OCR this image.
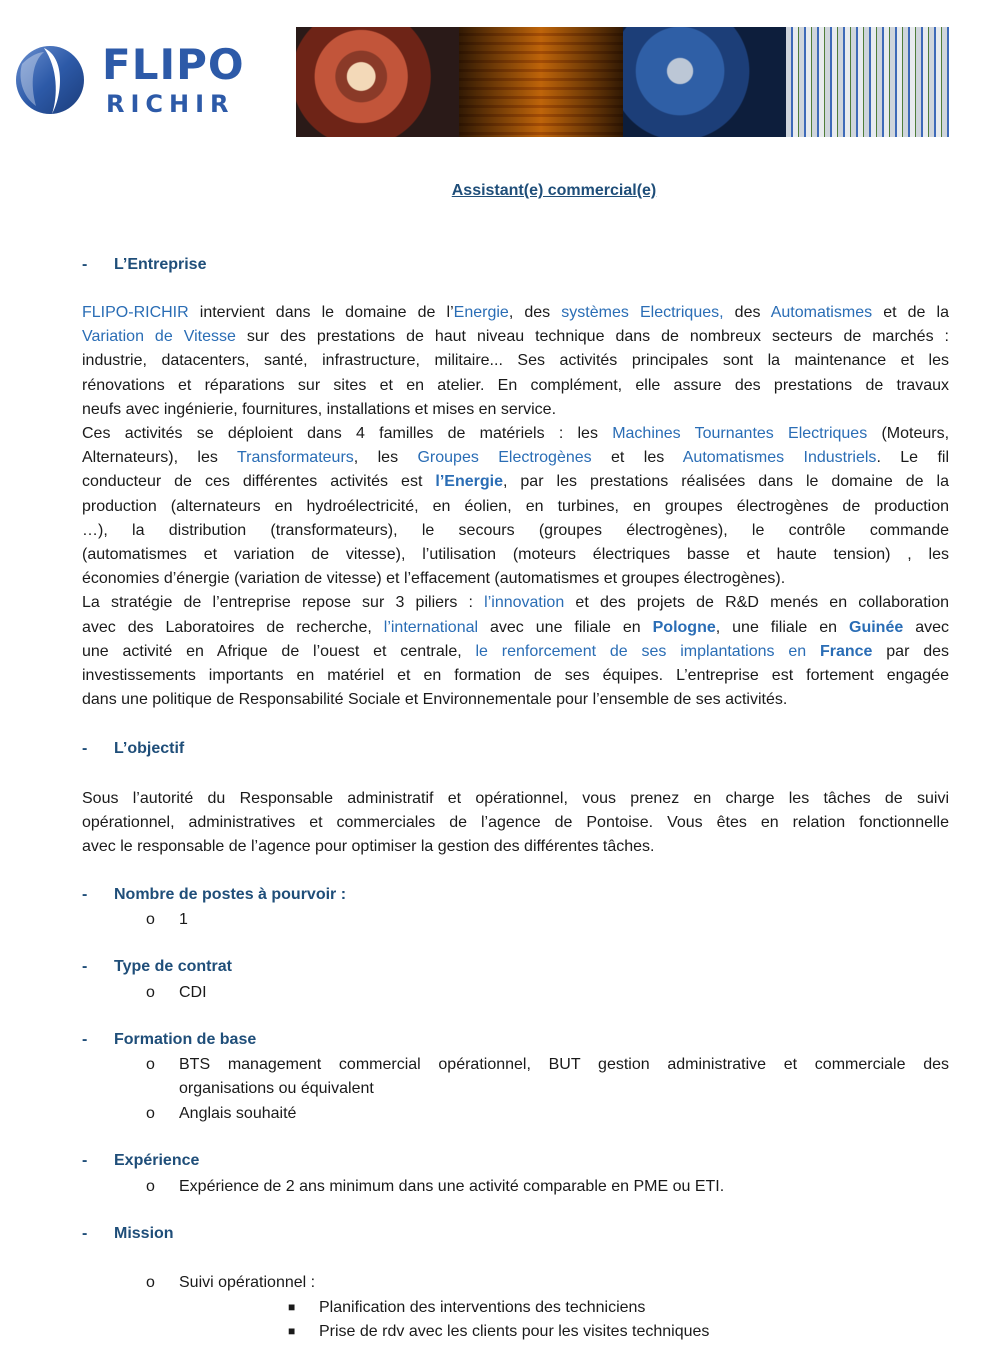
FLIPO
RICHIR
Assistant(e) commercial(e)
- L’Entreprise
FLIPO-RICHIR intervient dans le domaine de l’Energie, des systèmes Electriques, des Automatismes et de la
Variation de Vitesse sur des prestations de haut niveau technique dans de nombreux secteurs de marchés :
industrie, datacenters, santé, infrastructure, militaire... Ses activités principales sont la maintenance et les
rénovations et réparations sur sites et en atelier. En complément, elle assure des prestations de travaux
neufs avec ingénierie, fournitures, installations et mises en service.
Ces activités se déploient dans 4 familles de matériels : les Machines Tournantes Electriques (Moteurs,
Alternateurs), les Transformateurs, les Groupes Electrogènes et les Automatismes Industriels. Le fil
conducteur de ces différentes activités est l’Energie, par les prestations réalisées dans le domaine de la
production (alternateurs en hydroélectricité, en éolien, en turbines, en groupes électrogènes de production
…), la distribution (transformateurs), le secours (groupes électrogènes), le contrôle commande
(automatismes et variation de vitesse), l’utilisation (moteurs électriques basse et haute tension) , les
économies d’énergie (variation de vitesse) et l’effacement (automatismes et groupes électrogènes).
La stratégie de l’entreprise repose sur 3 piliers : l’innovation et des projets de R&D menés en collaboration
avec des Laboratoires de recherche, l’international avec une filiale en Pologne, une filiale en Guinée avec
une activité en Afrique de l’ouest et centrale, le renforcement de ses implantations en France par des
investissements importants en matériel et en formation de ses équipes. L’entreprise est fortement engagée
dans une politique de Responsabilité Sociale et Environnementale pour l’ensemble de ses activités.
- L’objectif
Sous l’autorité du Responsable administratif et opérationnel, vous prenez en charge les tâches de suivi
opérationnel, administratives et commerciales de l’agence de Pontoise. Vous êtes en relation fonctionnelle
avec le responsable de l’agence pour optimiser la gestion des différentes tâches.
- Nombre de postes à pourvoir :
o 1
- Type de contrat
o CDI
- Formation de base
o BTS management commercial opérationnel, BUT gestion administrative et commerciale des
organisations ou équivalent
o Anglais souhaité
- Expérience
o Expérience de 2 ans minimum dans une activité comparable en PME ou ETI.
- Mission
o Suivi opérationnel :
■ Planification des interventions des techniciens
■ Prise de rdv avec les clients pour les visites techniques
